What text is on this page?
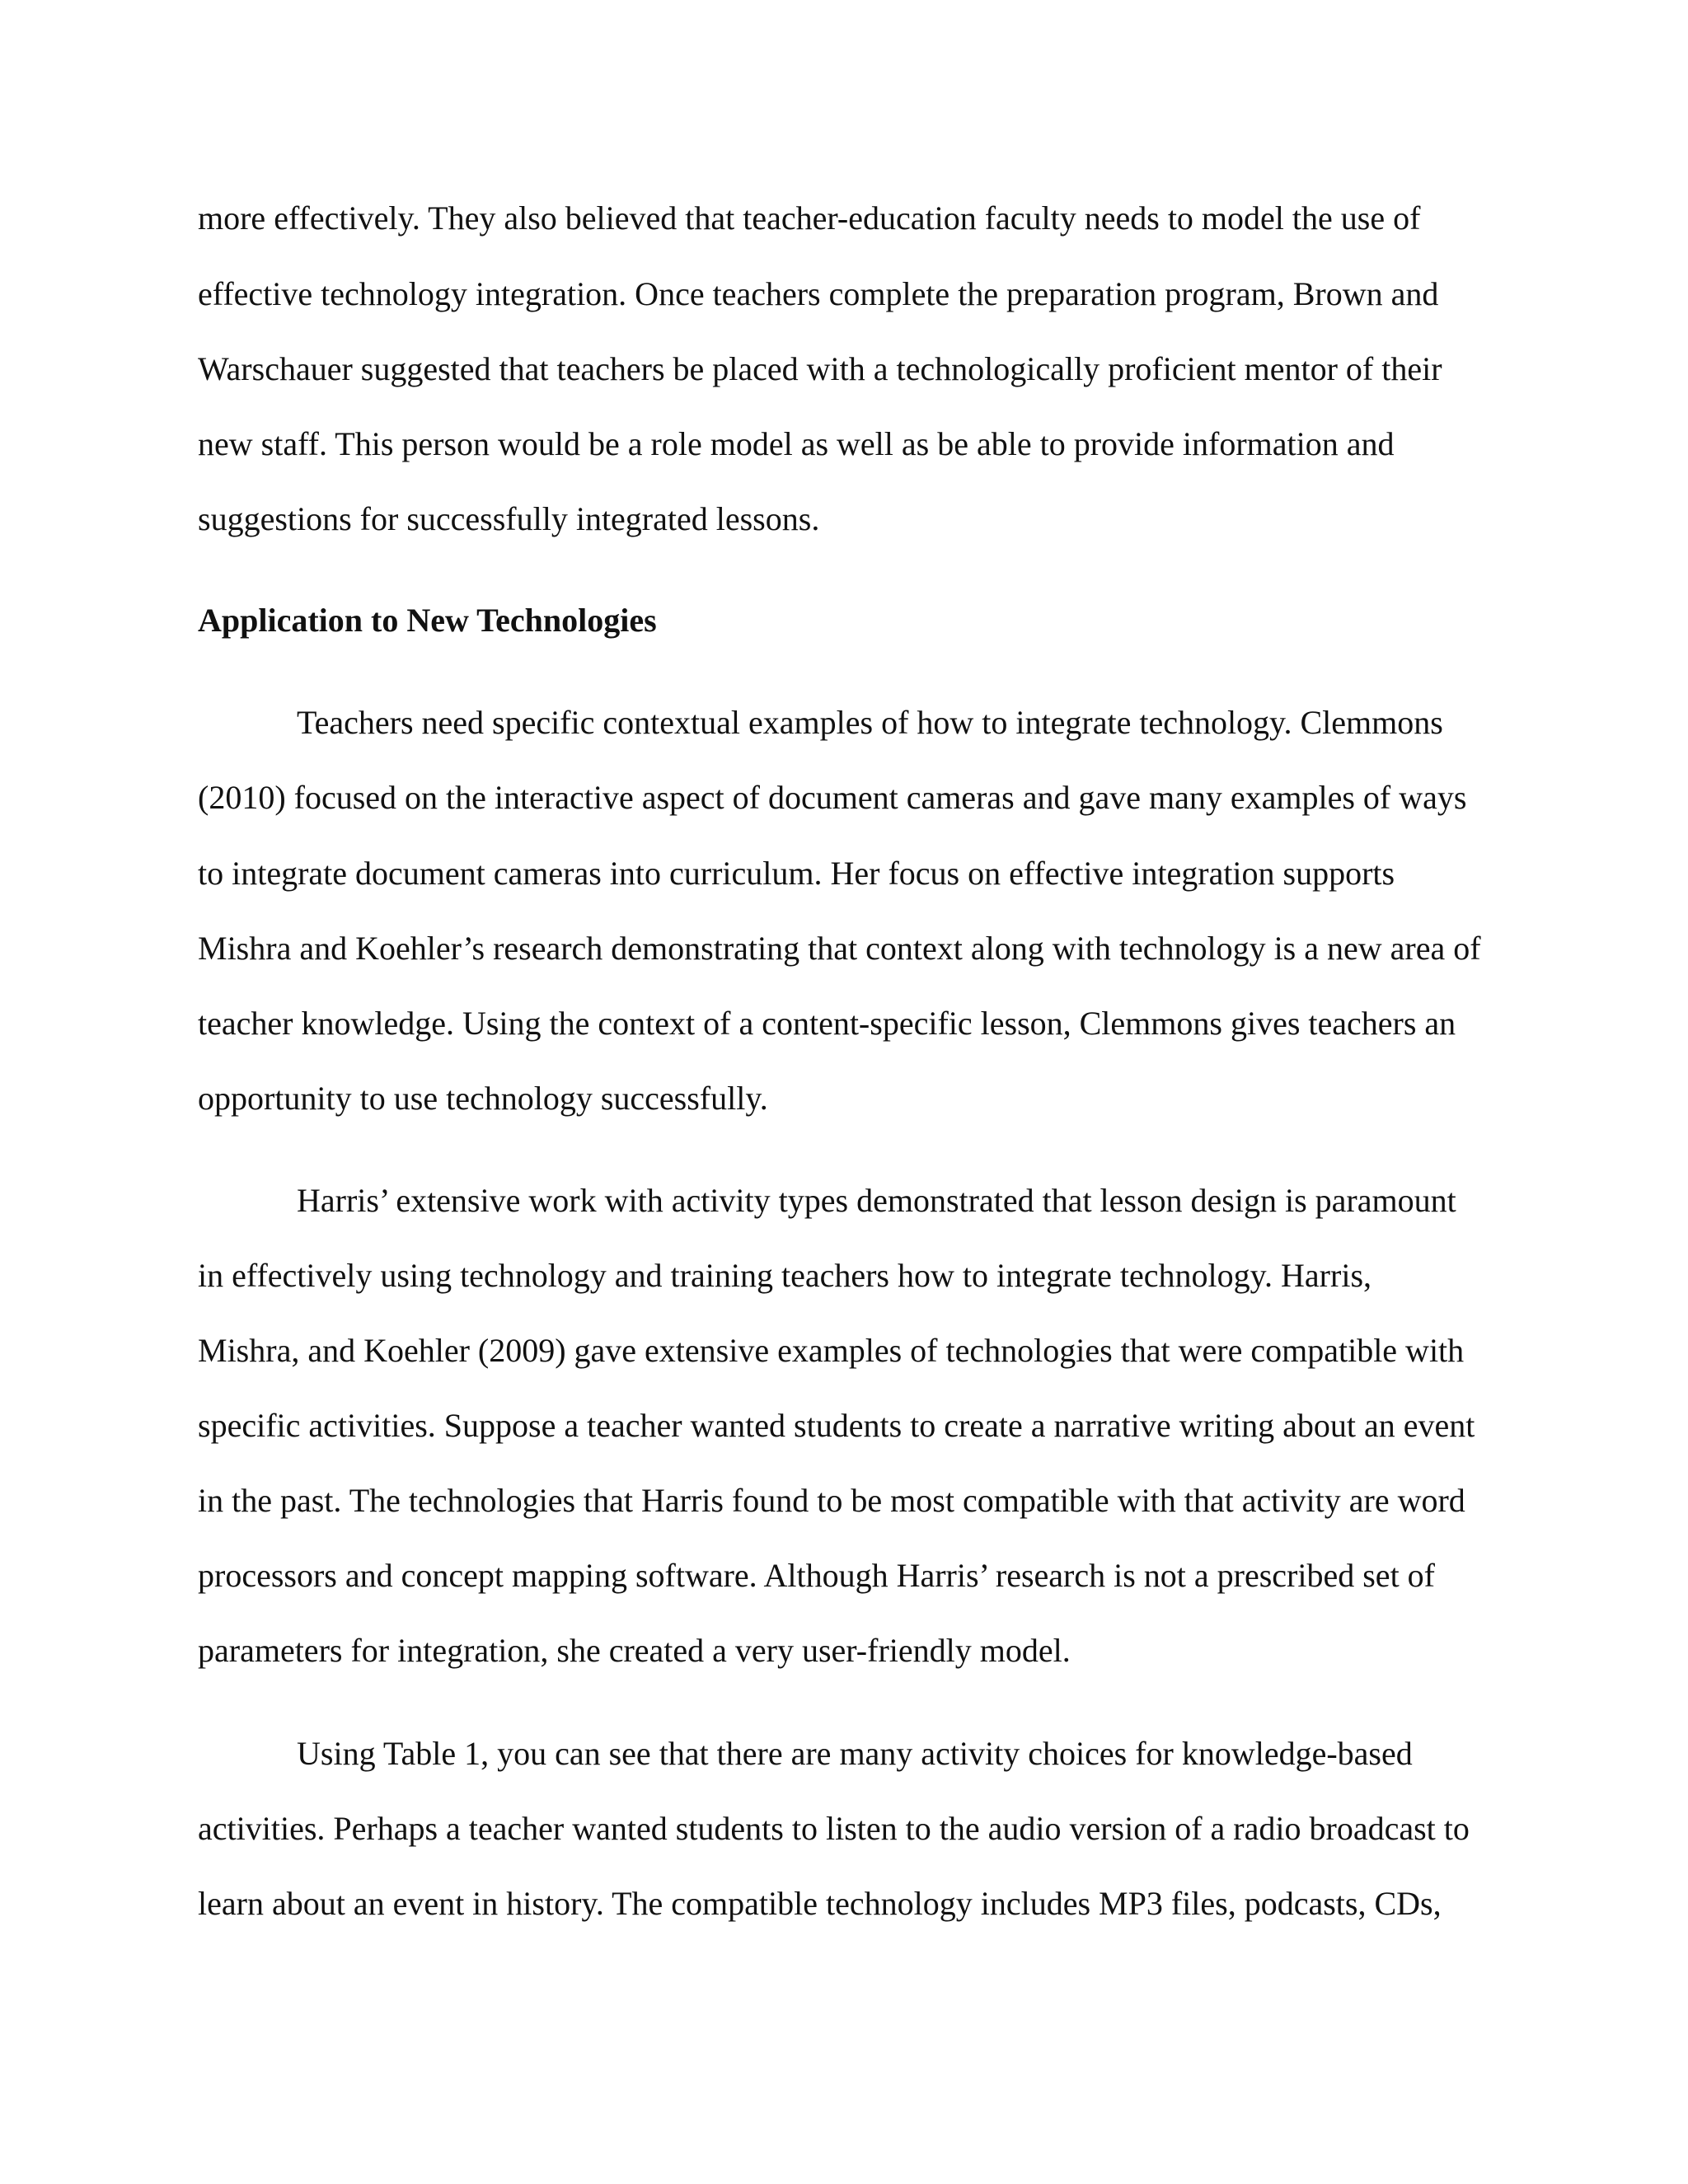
more effectively. They also believed that teacher-education faculty needs to model the use of
effective technology integration. Once teachers complete the preparation program, Brown and
Warschauer suggested that teachers be placed with a technologically proficient mentor of their
new staff. This person would be a role model as well as be able to provide information and
suggestions for successfully integrated lessons.
Application to New Technologies
Teachers need specific contextual examples of how to integrate technology. Clemmons
(2010) focused on the interactive aspect of document cameras and gave many examples of ways
to integrate document cameras into curriculum. Her focus on effective integration supports
Mishra and Koehler’s research demonstrating that context along with technology is a new area of
teacher knowledge. Using the context of a content-specific lesson, Clemmons gives teachers an
opportunity to use technology successfully.
Harris’ extensive work with activity types demonstrated that lesson design is paramount
in effectively using technology and training teachers how to integrate technology. Harris,
Mishra, and Koehler (2009) gave extensive examples of technologies that were compatible with
specific activities. Suppose a teacher wanted students to create a narrative writing about an event
in the past. The technologies that Harris found to be most compatible with that activity are word
processors and concept mapping software. Although Harris’ research is not a prescribed set of
parameters for integration, she created a very user-friendly model.
Using Table 1, you can see that there are many activity choices for knowledge-based
activities. Perhaps a teacher wanted students to listen to the audio version of a radio broadcast to
learn about an event in history. The compatible technology includes MP3 files, podcasts, CDs,
